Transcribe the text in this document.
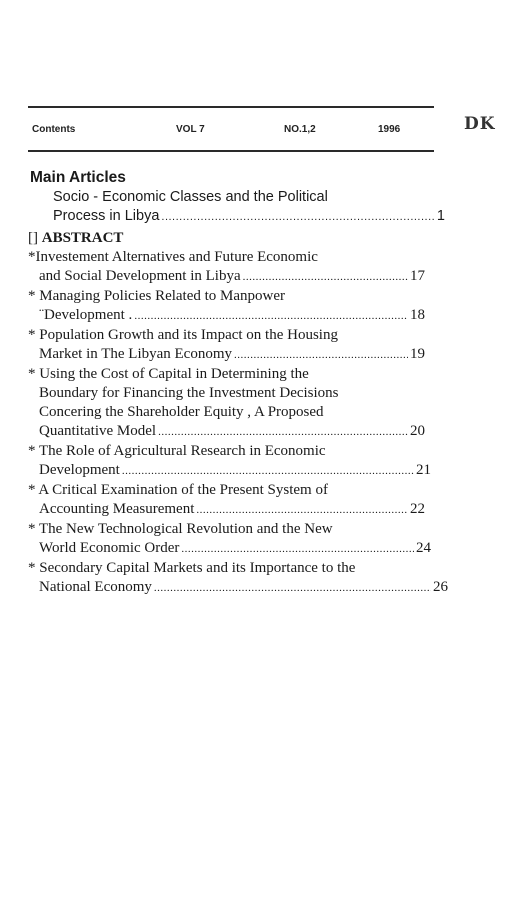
Contents	VOL 7	NO.1,2	1996	DK
Main Articles
Socio - Economic Classes and the Political
Process in Libya .....	1
[] ABSTRACT
*Investement Alternatives and Future Economic
and Social Development in Libya .....	17
* Managing Policies Related to Manpower
¨Development . .....	18
* Population Growth and its Impact on the Housing
Market in The Libyan Economy .....	19
* Using the Cost of Capital in Determining the
Boundary for Financing the Investment Decisions
Concering the Shareholder Equity , A Proposed
Quantitative Model .....	20
* The Role of Agricultural Research in Economic
Development .....	21
* A Critical Examination of the Present System of
Accounting Measurement .....	22
* The New Technological Revolution and the New
World Economic Order .....	24
* Secondary Capital Markets and its Importance to the
National Economy .....	26
